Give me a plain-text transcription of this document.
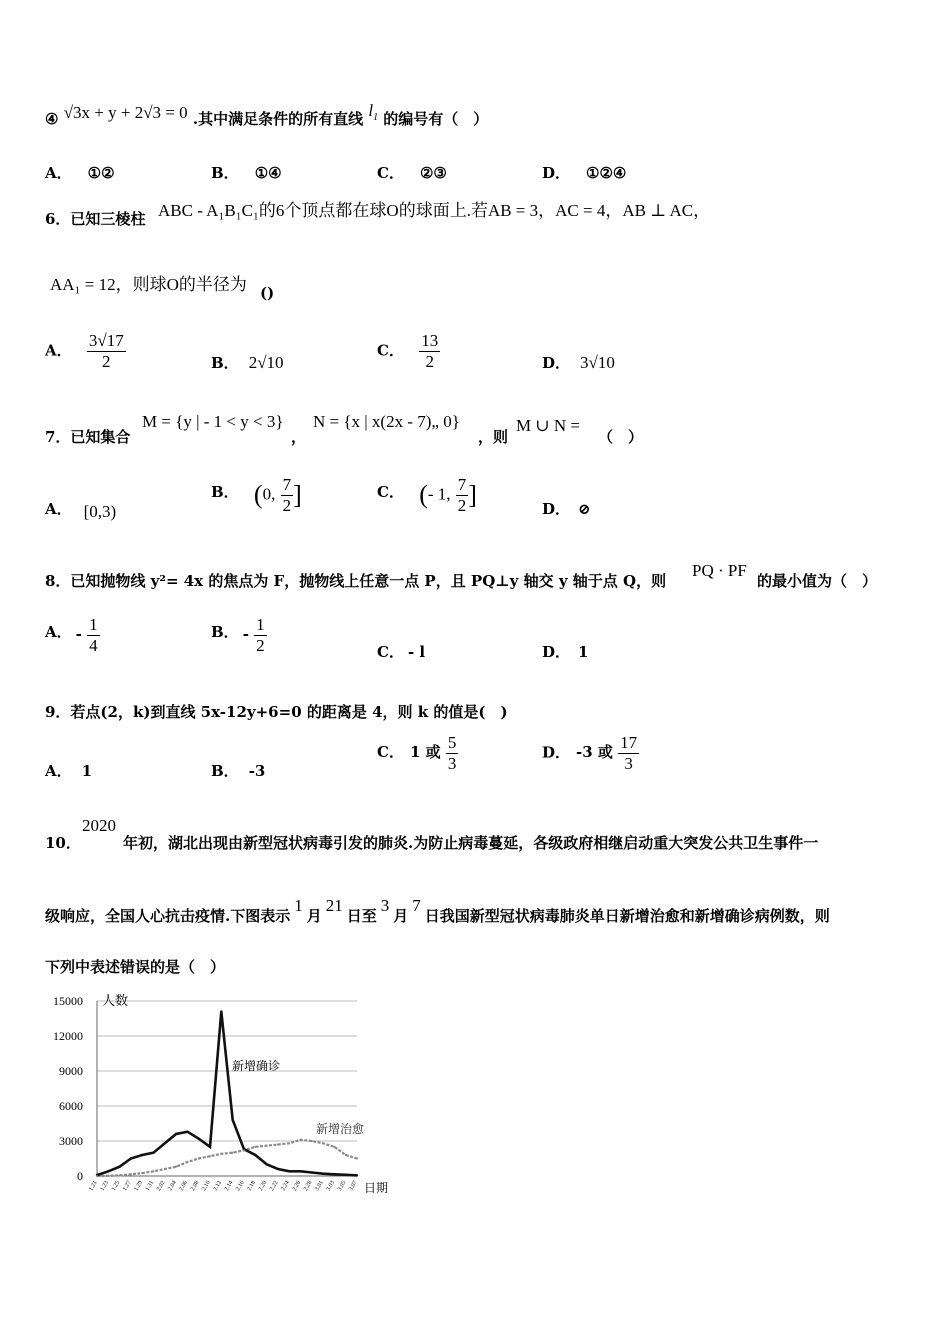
④ √3x + y + 2√3 = 0 .其中满足条件的所有直线 $l_1$ 的编号有（　）
A． ①②	B． ①④	C． ②③	D． ①②④
6．已知三棱柱 ABC - A₁B₁C₁的6个顶点都在球O的球面上.若AB = 3，AC = 4，AB ⊥ AC，
AA₁ = 12，则球O的半径为 ()
A． $\frac{3√17}{2}$	B． 2√10
C． $\frac{13}{2}$	D． 3√10
7．已知集合
M = {y | - 1 < y < 3}
，
N = {x | x(2x - 7)„ 0}
，则
M ∪ N =
（　）
A． [0,3)
B． (0, $\frac{7}{2}$ ]	C． (- 1, $\frac{7}{2}$ ]	D． ⊘
8．已知抛物线 y²= 4x 的焦点为 F，抛物线上任意一点 P，且 PQ⊥y 轴交 y 轴于点 Q，则
PQ · PF
的最小值为（　）
A． - $\frac{1}{4}$	B． - $\frac{1}{2}$	C． - l	D． 1
9．若点(2，k)到直线 5x-12y+6=0 的距离是 4，则 k 的值是(　)
A． 1	B． -3
C． 1 或 $\frac{5}{3}$	D． -3 或 $\frac{17}{3}$
10．
2020
年初，湖北出现由新型冠状病毒引发的肺炎.为防止病毒蔓延，各级政府相继启动重大突发公共卫生事件一
级响应，全国人心抗击疫情.下图表示1月21日至3月7日我国新型冠状病毒肺炎单日新增治愈和新增确诊病例数，则
下列中表述错误的是（　）
15000
12000
9000
6000
3000
0
1.21 1.23 1.25 1.27 1.29 1.31 2.02 2.04 2.06 2.08 2.10 2.12 2.14 2.16 2.18 2.20 2.22 2.24 2.26 2.28 3.01 3.03 3.05 3.07
人数
日期
新增确诊
新增治愈
